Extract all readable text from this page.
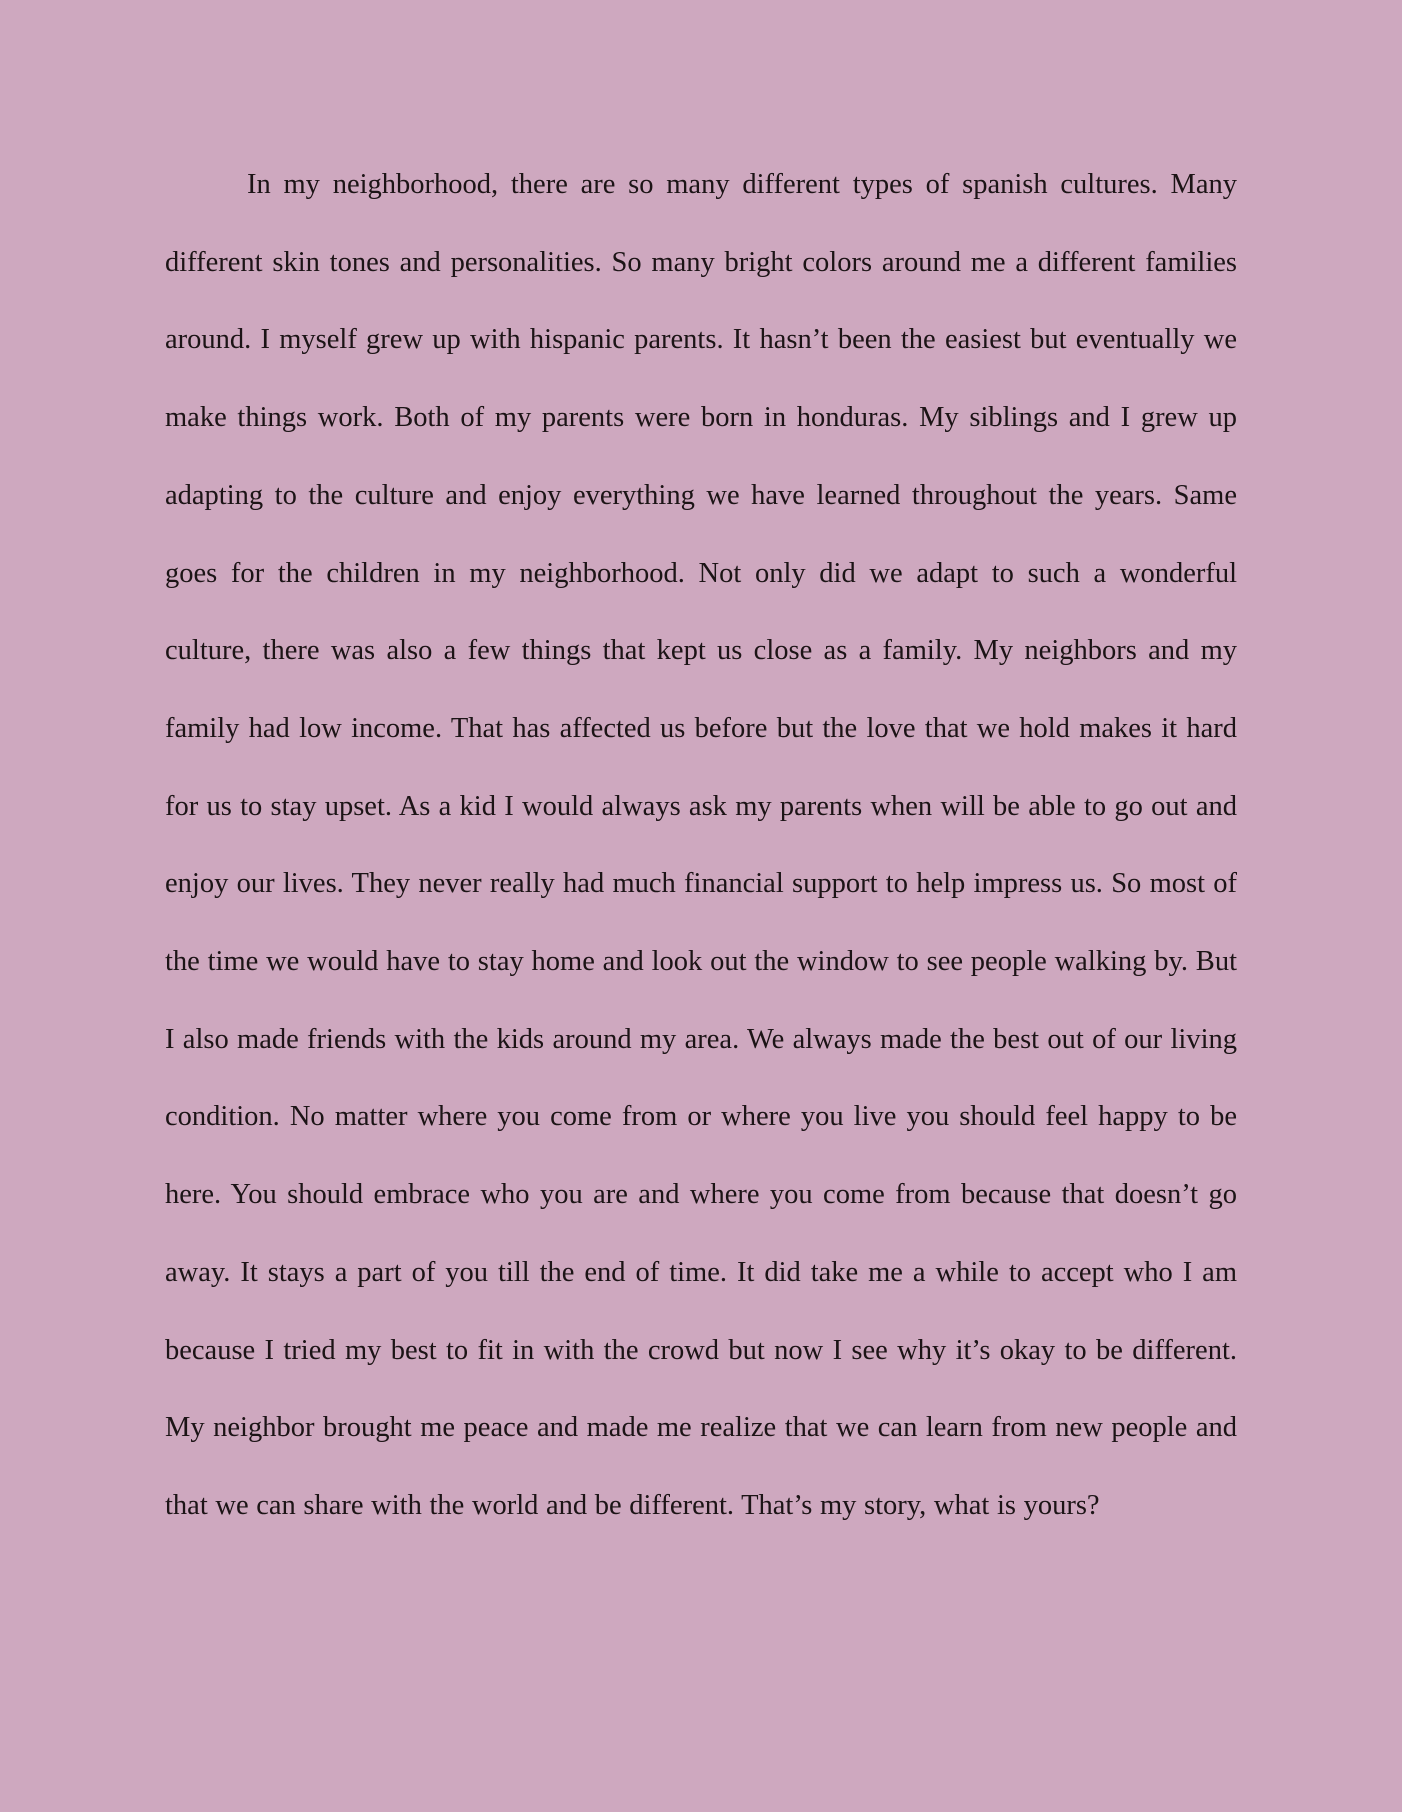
In my neighborhood, there are so many different types of spanish cultures. Many different skin tones and personalities. So many bright colors around me a different families around. I myself grew up with hispanic parents. It hasn’t been the easiest but eventually we make things work. Both of my parents were born in honduras. My siblings and I grew up adapting to the culture and enjoy everything we have learned throughout the years. Same goes for the children in my neighborhood. Not only did we adapt to such a wonderful culture, there was also a few things that kept us close as a family. My neighbors and my family had low income. That has affected us before but the love that we hold makes it hard for us to stay upset. As a kid I would always ask my parents when will be able to go out and enjoy our lives. They never really had much financial support to help impress us. So most of the time we would have to stay home and look out the window to see people walking by. But I also made friends with the kids around my area. We always made the best out of our living condition. No matter where you come from or where you live you should feel happy to be here. You should embrace who you are and where you come from because that doesn’t go away. It stays a part of you till the end of time. It did take me a while to accept who I am because I tried my best to fit in with the crowd but now I see why it’s okay to be different. My neighbor brought me peace and made me realize that we can learn from new people and that we can share with the world and be different. That’s my story, what is yours?
